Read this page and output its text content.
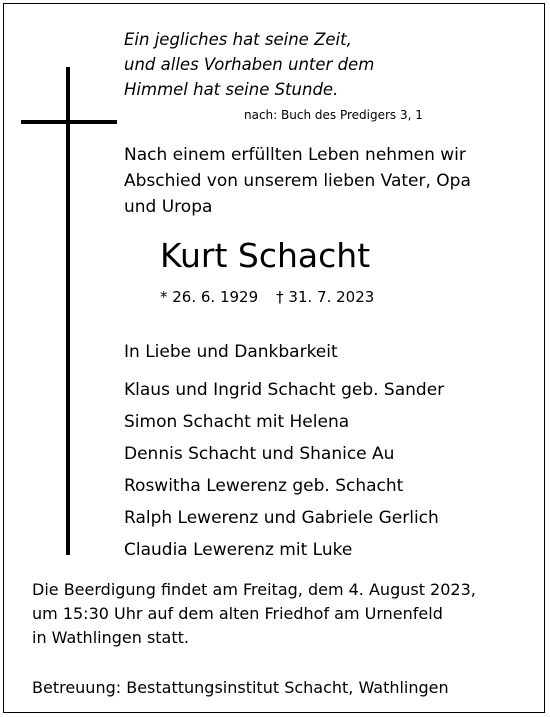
Ein jegliches hat seine Zeit,
und alles Vorhaben unter dem
Himmel hat seine Stunde.
nach: Buch des Predigers 3, 1
Nach einem erfüllten Leben nehmen wir
Abschied von unserem lieben Vater, Opa
und Uropa
Kurt Schacht
* 26. 6. 1929 † 31. 7. 2023
In Liebe und Dankbarkeit
Klaus und Ingrid Schacht geb. Sander
Simon Schacht mit Helena
Dennis Schacht und Shanice Au
Roswitha Lewerenz geb. Schacht
Ralph Lewerenz und Gabriele Gerlich
Claudia Lewerenz mit Luke
Die Beerdigung findet am Freitag, dem 4. August 2023,
um 15:30 Uhr auf dem alten Friedhof am Urnenfeld
in Wathlingen statt.
Betreuung: Bestattungsinstitut Schacht, Wathlingen
